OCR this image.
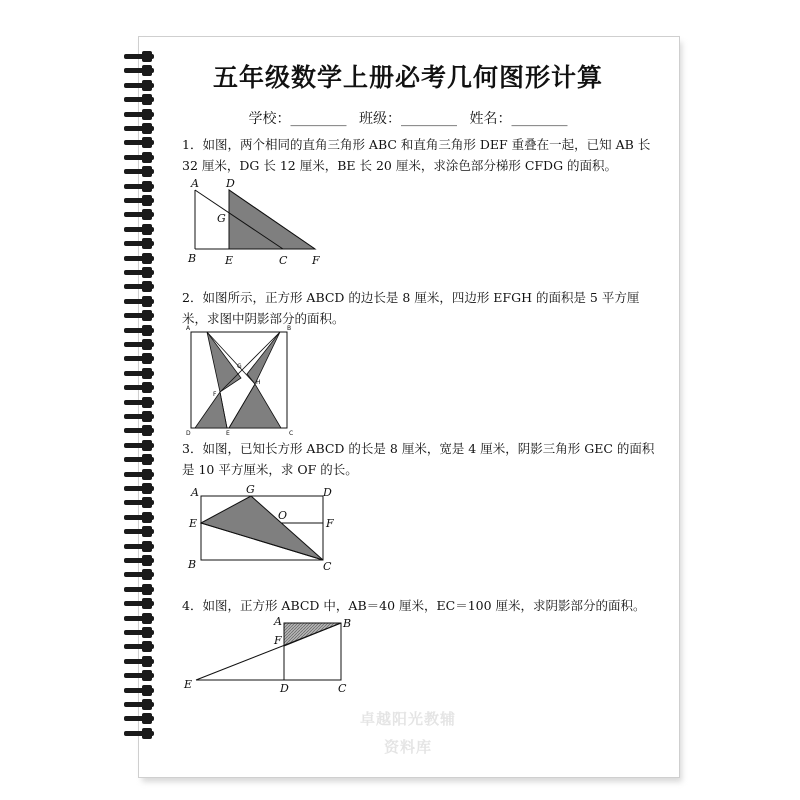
五年级数学上册必考几何图形计算
学校：________ 班级：________ 姓名：________
1．如图，两个相同的直角三角形 ABC 和直角三角形 DEF 重叠在一起，已知 AB 长 32 厘米，DG 长 12 厘米，BE 长 20 厘米，求涂色部分梯形 CFDG 的面积。
A D
G
B	E	C F
2．如图所示，正方形 ABCD 的边长是 8 厘米，四边形 EFGH 的面积是 5 平方厘米，求图中阴影部分的面积。
A	B
C
D	E
F
G
H
3．如图，已知长方形 ABCD 的长是 8 厘米，宽是 4 厘米，阴影三角形 GEC 的面积是 10 平方厘米，求 OF 的长。
A	G	D
E
O
F
B	C
4．如图，正方形 ABCD 中，AB＝40 厘米，EC＝100 厘米，求阴影部分的面积。
A	B
F
E	D	C
卓越阳光教辅
资料库
